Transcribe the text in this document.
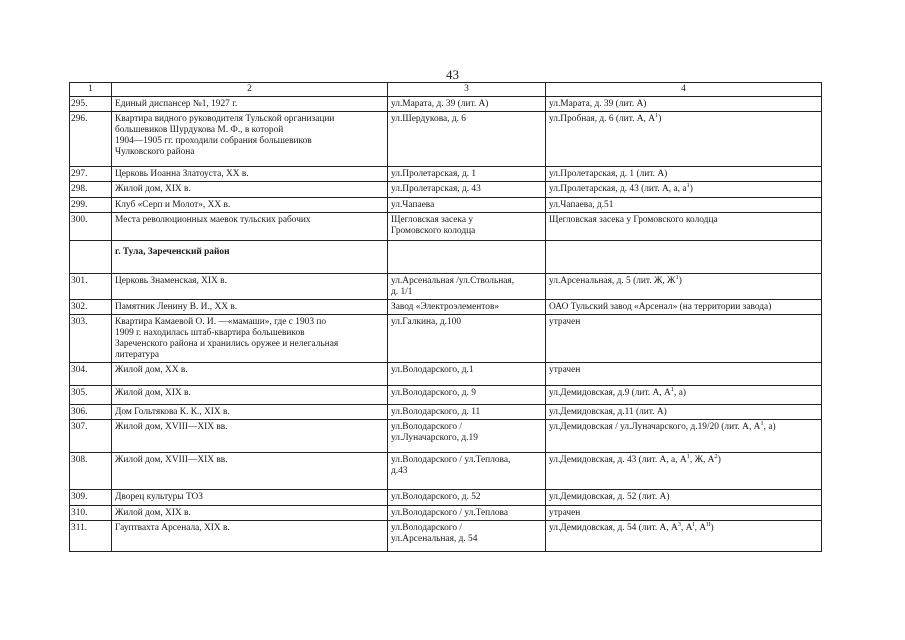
43
1	2	3	4
295.	Единый диспансер №1, 1927 г.	ул.Марата, д. 39 (лит. А)	ул.Марата, д. 39 (лит. А)
296.	Квартира видного руководителя Тульской организации
большевиков Шурдукова М. Ф., в которой
1904—1905 гг. проходили собрания большевиков
Чулковского района	ул.Шердукова, д. 6	ул.Пробная, д. 6 (лит. А, $А^1$)
297.	Церковь Иоанна Златоуста, XX в.	ул.Пролетарская, д. 1	ул.Пролетарская, д. 1 (лит. А)
298.	Жилой дом, XIX в.	ул.Пролетарская, д. 43	ул.Пролетарская, д. 43 (лит. А, а, $а^1$)
299.	Клуб «Серп и Молот», XX в.	ул.Чапаева	ул.Чапаева, д.51
300.	Места революционных маевок тульских рабочих	Щегловская засека у
Громовского колодца	Щегловская засека у Громовского колодца
	г. Тула, Зареченский район		
301.	Церковь Знаменская, XIX в.	ул.Арсенальная /ул.Ствольная,
д. 1/1	ул.Арсенальная, д. 5 (лит. Ж, $Ж^1$)
302.	Памятник Ленину В. И., XX в.	Завод «Электроэлементов»	ОАО Тульский завод «Арсенал» (на территории завода)
303.	Квартира Камаевой О. И. —«мамаши», где с 1903 по
1909 г. находилась штаб-квартира большевиков
Зареченского района и хранились оружее и нелегальная
литература	ул.Галкина, д.100	утрачен
304.	Жилой дом, XX в.	ул.Володарского, д.1	утрачен
305.	Жилой дом, XIX в.	ул.Володарского, д. 9	ул.Демидовская, д.9 (лит. А, $А^1$, а)
306.	Дом Гольтякова К. К., XIX в.	ул.Володарского, д. 11	ул.Демидовская, д.11 (лит. А)
307.	Жилой дом, XVIII—XIX вв.	ул.Володарского /
ул.Луначарского, д.19	ул.Демидовская / ул.Луначарского, д.19/20 (лит. А, $А^1$, а)
308.	Жилой дом, XVIII—XIX вв.	ул.Володарского / ул.Теплова,
д.43	ул.Демидовская, д. 43 (лит. А, а, $А^1$, Ж, $А^2$)
309.	Дворец культуры ТОЗ	ул.Володарского, д. 52	ул.Демидовская, д. 52 (лит. А)
310.	Жилой дом, XIX в.	ул.Володарского / ул.Теплова	утрачен
311.	Гауптвахта Арсенала, XIX в.	ул.Володарского /
ул.Арсенальная, д. 54	ул.Демидовская, д. 54 (лит. А, $А^3$, $А^I$, $А^{II}$)
